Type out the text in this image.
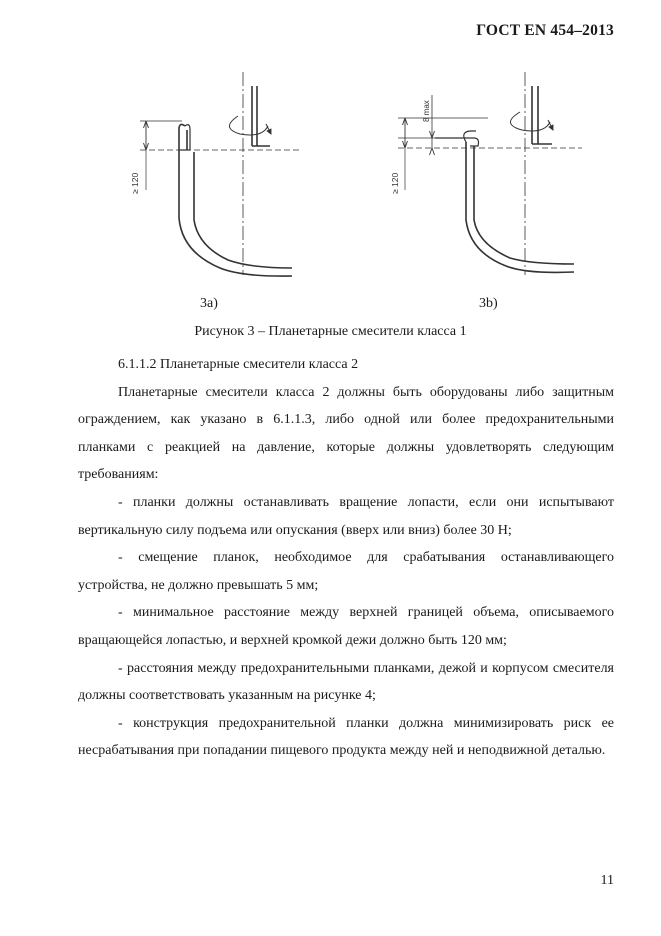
ГОСТ EN 454–2013
≥ 120	≥ 120
8 max
3a)	3b)
Рисунок 3 – Планетарные смесители класса 1

6.1.1.2 Планетарные смесители класса 2

Планетарные смесители класса 2 должны быть оборудованы либо защитным ограждением, как указано в 6.1.1.3, либо одной или более предохранительными планками с реакцией на давление, которые должны удовлетворять следующим требованиям:

- планки должны останавливать вращение лопасти, если они испытывают вертикальную силу подъема или опускания (вверх или вниз) более 30 Н;

- смещение планок, необходимое для срабатывания останавливающего устройства, не должно превышать 5 мм;

- минимальное расстояние между верхней границей объема, описываемого вращающейся лопастью, и верхней кромкой дежи должно быть 120 мм;

- расстояния между предохранительными планками, дежой и корпусом смесителя должны соответствовать указанным на рисунке 4;

- конструкция предохранительной планки должна минимизировать риск ее несрабатывания при попадании пищевого продукта между ней и неподвижной деталью.

11
